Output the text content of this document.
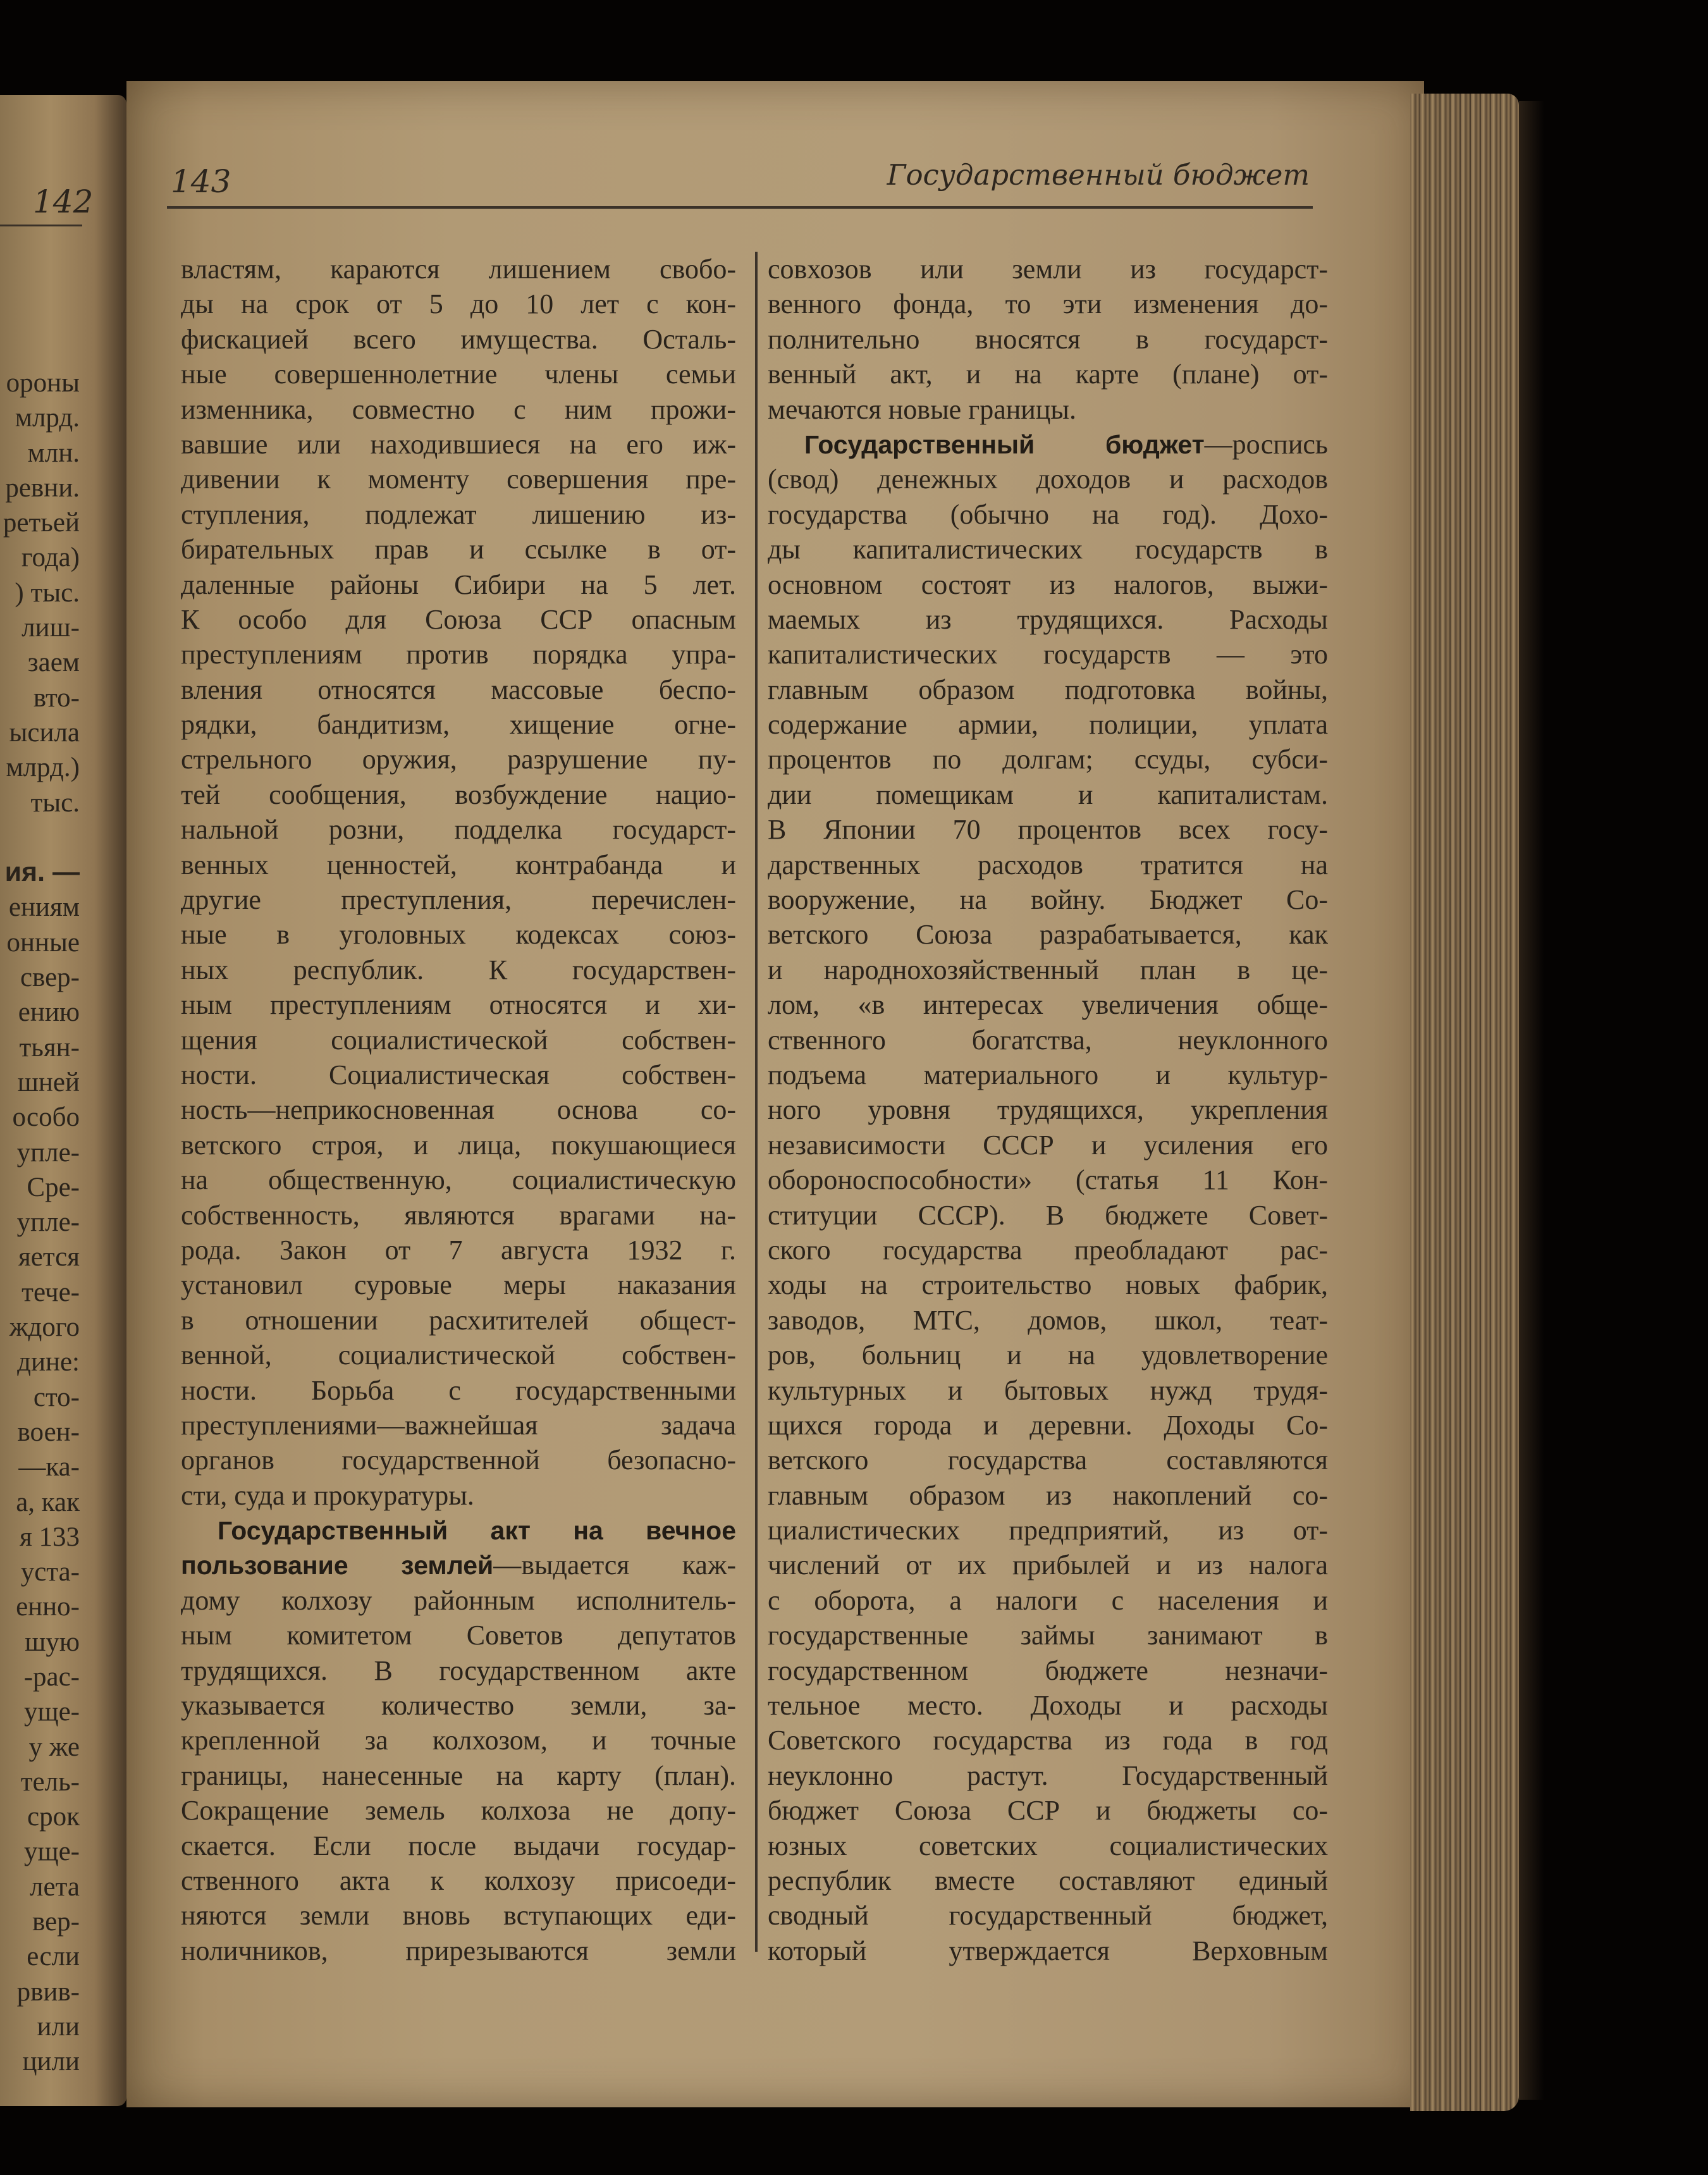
142
ороны
млрд.
млн.
ревни.
ретьей
года)
) тыс.
лиш-
заем
вто-
ысила
млрд.)
тыс.

ия. —
ениям
онные
свер-
ению
тьян-
шней
особо
упле-
Сре-
упле-
яется
тече-
ждого
дине:
сто-
воен-
—ка-
а, как
я 133
уста-
енно-
шую
-рас-
уще-
у же
тель-
срок
уще-
лета
вер-
если
рвив-
или
цили
143	Государственный бюджет
властям, караются лишением свобо-
ды на срок от 5 до 10 лет с кон-
фискацией всего имущества. Осталь-
ные совершеннолетние члены семьи
изменника, совместно с ним прожи-
вавшие или находившиеся на его иж-
дивении к моменту совершения пре-
ступления, подлежат лишению из-
бирательных прав и ссылке в от-
даленные районы Сибири на 5 лет.
К особо для Союза ССР опасным
преступлениям против порядка упра-
вления относятся массовые беспо-
рядки, бандитизм, хищение огне-
стрельного оружия, разрушение пу-
тей сообщения, возбуждение нацио-
нальной розни, подделка государст-
венных ценностей, контрабанда и
другие преступления, перечислен-
ные в уголовных кодексах союз-
ных республик. К государствен-
ным преступлениям относятся и хи-
щения социалистической собствен-
ности. Социалистическая собствен-
ность—неприкосновенная основа со-
ветского строя, и лица, покушающиеся
на общественную, социалистическую
собственность, являются врагами на-
рода. Закон от 7 августа 1932 г.
установил суровые меры наказания
в отношении расхитителей общест-
венной, социалистической собствен-
ности. Борьба с государственными
преступлениями—важнейшая задача
органов государственной безопасно-
сти, суда и прокуратуры.
Государственный акт на вечное
пользование землей—выдается каж-
дому колхозу районным исполнитель-
ным комитетом Советов депутатов
трудящихся. В государственном акте
указывается количество земли, за-
крепленной за колхозом, и точные
границы, нанесенные на карту (план).
Сокращение земель колхоза не допу-
скается. Если после выдачи государ-
ственного акта к колхозу присоеди-
няются земли вновь вступающих еди-
ноличников, прирезываются земли
совхозов или земли из государст-
венного фонда, то эти изменения до-
полнительно вносятся в государст-
венный акт, и на карте (плане) от-
мечаются новые границы.
Государственный бюджет—роспись
(свод) денежных доходов и расходов
государства (обычно на год). Дохо-
ды капиталистических государств в
основном состоят из налогов, выжи-
маемых из трудящихся. Расходы
капиталистических государств — это
главным образом подготовка войны,
содержание армии, полиции, уплата
процентов по долгам; ссуды, субси-
дии помещикам и капиталистам.
В Японии 70 процентов всех госу-
дарственных расходов тратится на
вооружение, на войну. Бюджет Со-
ветского Союза разрабатывается, как
и народнохозяйственный план в це-
лом, «в интересах увеличения обще-
ственного богатства, неуклонного
подъема материального и культур-
ного уровня трудящихся, укрепления
независимости СССР и усиления его
обороноспособности» (статья 11 Кон-
ституции СССР). В бюджете Совет-
ского государства преобладают рас-
ходы на строительство новых фабрик,
заводов, МТС, домов, школ, теат-
ров, больниц и на удовлетворение
культурных и бытовых нужд трудя-
щихся города и деревни. Доходы Со-
ветского государства составляются
главным образом из накоплений со-
циалистических предприятий, из от-
числений от их прибылей и из налога
с оборота, а налоги с населения и
государственные займы занимают в
государственном бюджете незначи-
тельное место. Доходы и расходы
Советского государства из года в год
неуклонно растут. Государственный
бюджет Союза ССР и бюджеты со-
юзных советских социалистических
республик вместе составляют единый
сводный государственный бюджет,
который утверждается Верховным
